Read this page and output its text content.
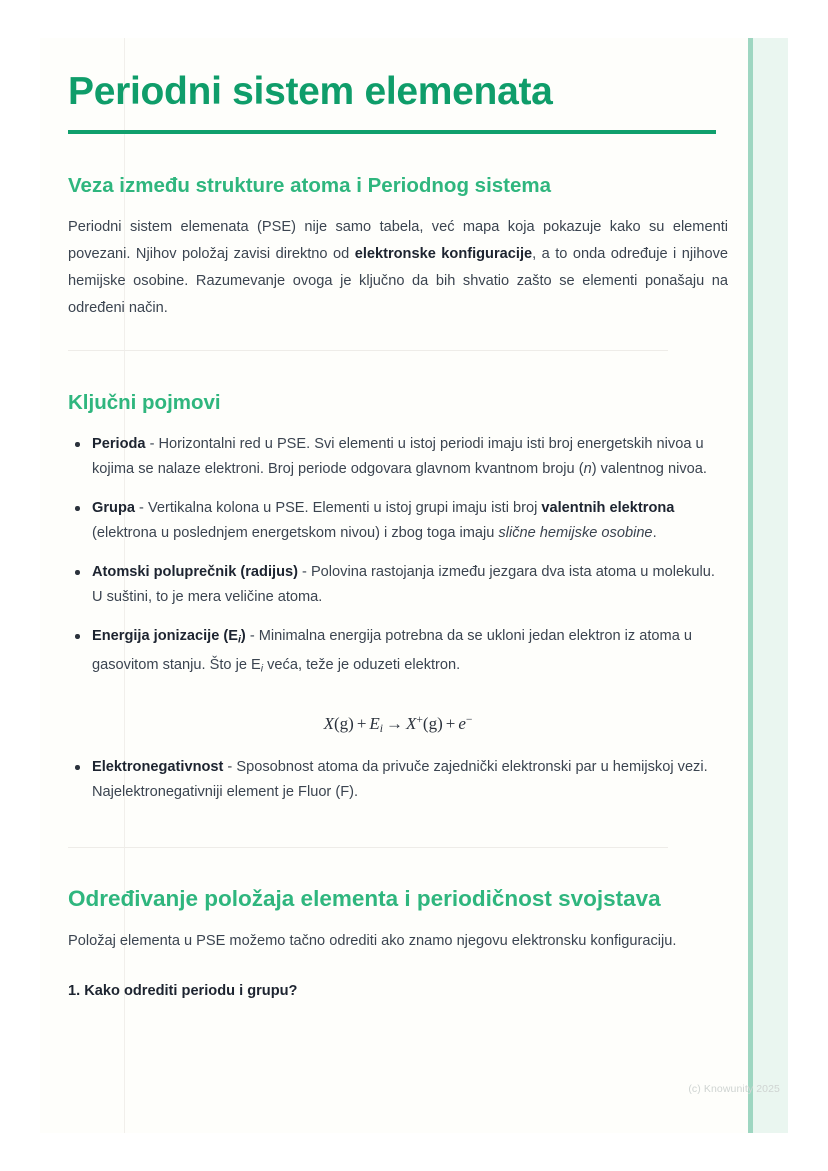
Periodni sistem elemenata
Veza između strukture atoma i Periodnog sistema

Periodni sistem elemenata (PSE) nije samo tabela, već mapa koja pokazuje kako su elementi povezani. Njihov položaj zavisi direktno od elektronske konfiguracije, a to onda određuje i njihove hemijske osobine. Razumevanje ovoga je ključno da bih shvatio zašto se elementi ponašaju na određeni način.

Ključni pojmovi
Perioda - Horizontalni red u PSE. Svi elementi u istoj periodi imaju isti broj energetskih nivoa u kojima se nalaze elektroni. Broj periode odgovara glavnom kvantnom broju (n) valentnog nivoa.
Grupa - Vertikalna kolona u PSE. Elementi u istoj grupi imaju isti broj valentnih elektrona (elektrona u poslednjem energetskom nivou) i zbog toga imaju slične hemijske osobine.
Atomski poluprečnik (radijus) - Polovina rastojanja između jezgara dva ista atoma u molekulu. U suštini, to je mera veličine atoma.
Energija jonizacije $(E_i)$ - Minimalna energija potrebna da se ukloni jedan elektron iz atoma u gasovitom stanju. Što je $E_i$ veća, teže je oduzeti elektron.
X(g) + Ei → X+(g) + e−
Elektronegativnost - Sposobnost atoma da privuče zajednički elektronski par u hemijskoj vezi. Najelektronegativniji element je Fluor (F).
Određivanje položaja elementa i periodičnost svojstava

Položaj elementa u PSE možemo tačno odrediti ako znamo njegovu elektronsku konfiguraciju.

1. Kako odrediti periodu i grupu?

(c) Knowunity 2025
